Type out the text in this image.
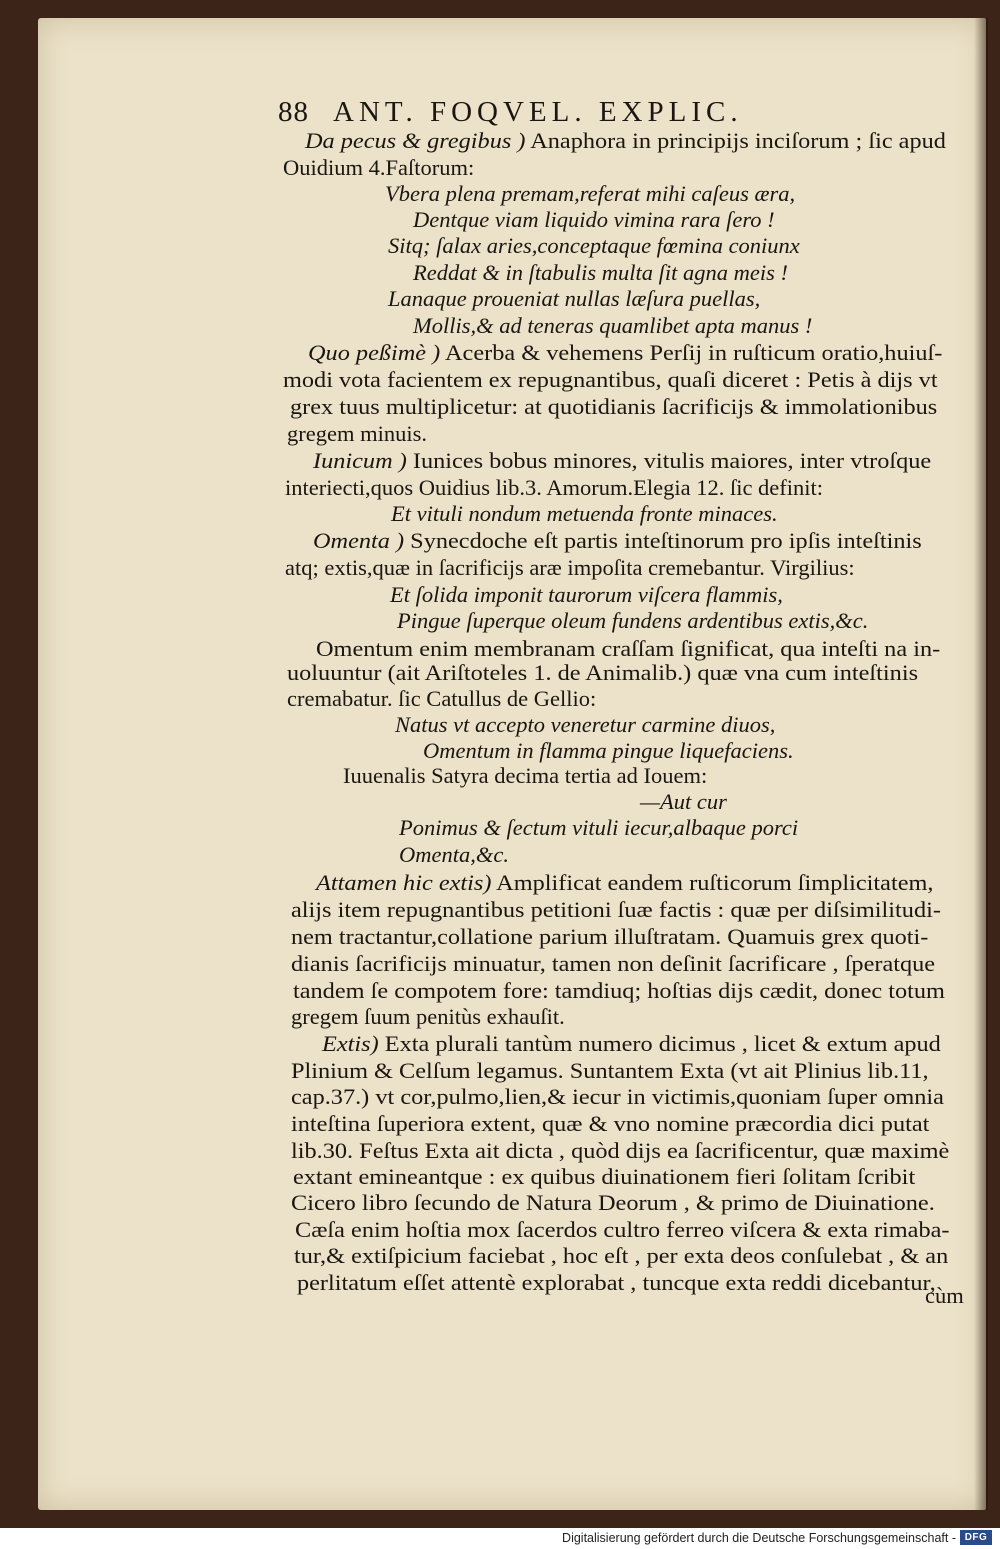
88 ANT. FOQVEL. EXPLIC.
Da pecus & gregibus ) Anaphora in principijs inciſorum ; ſic apud
Ouidium 4.Faſtorum:
Vbera plena premam,referat mihi caſeus æra,
Dentque viam liquido vimina rara ſero !
Sitq; ſalax aries,conceptaque fœmina coniunx
Reddat & in ſtabulis multa ſit agna meis !
Lanaque proueniat nullas læſura puellas,
Mollis,& ad teneras quamlibet apta manus !
Quo peßimè ) Acerba & vehemens Perſij in ruſticum oratio,huiuſ-
modi vota facientem ex repugnantibus, quaſi diceret : Petis à dijs vt
grex tuus multiplicetur: at quotidianis ſacrificijs & immolationibus
gregem minuis.
Iunicum ) Iunices bobus minores, vitulis maiores, inter vtroſque
interiecti,quos Ouidius lib.3. Amorum.Elegia 12. ſic definit:
Et vituli nondum metuenda fronte minaces.
Omenta ) Synecdoche eſt partis inteſtinorum pro ipſis inteſtinis
atq; extis,quæ in ſacrificijs aræ impoſita cremebantur. Virgilius:
Et ſolida imponit taurorum viſcera flammis,
Pingue ſuperque oleum fundens ardentibus extis,&c.
Omentum enim membranam craſſam ſignificat, qua inteſti na in-
uoluuntur (ait Ariſtoteles 1. de Animalib.) quæ vna cum inteſtinis
cremabatur. ſic Catullus de Gellio:
Natus vt accepto veneretur carmine diuos,
Omentum in flamma pingue liquefaciens.
Iuuenalis Satyra decima tertia ad Iouem:
—Aut cur
Ponimus & ſectum vituli iecur,albaque porci
Omenta,&c.
Attamen hic extis) Amplificat eandem ruſticorum ſimplicitatem,
alijs item repugnantibus petitioni ſuæ factis : quæ per diſsimilitudi-
nem tractantur,collatione parium illuſtratam. Quamuis grex quoti-
dianis ſacrificijs minuatur, tamen non deſinit ſacrificare , ſperatque
tandem ſe compotem fore: tamdiuq; hoſtias dijs cædit, donec totum
gregem ſuum penitùs exhauſit.
Extis) Exta plurali tantùm numero dicimus , licet & extum apud
Plinium & Celſum legamus. Suntantem Exta (vt ait Plinius lib.11,
cap.37.) vt cor,pulmo,lien,& iecur in victimis,quoniam ſuper omnia
inteſtina ſuperiora extent, quæ & vno nomine præcordia dici putat
lib.30. Feſtus Exta ait dicta , quòd dijs ea ſacrificentur, quæ maximè
extant emineantque : ex quibus diuinationem fieri ſolitam ſcribit
Cicero libro ſecundo de Natura Deorum , & primo de Diuinatione.
Cæſa enim hoſtia mox ſacerdos cultro ferreo viſcera & exta rimaba-
tur,& extiſpicium faciebat , hoc eſt , per exta deos conſulebat , & an
perlitatum eſſet attentè explorabat , tuncque exta reddi dicebantur,
cùm
Digitalisierung gefördert durch die Deutsche Forschungsgemeinschaft - DFG
